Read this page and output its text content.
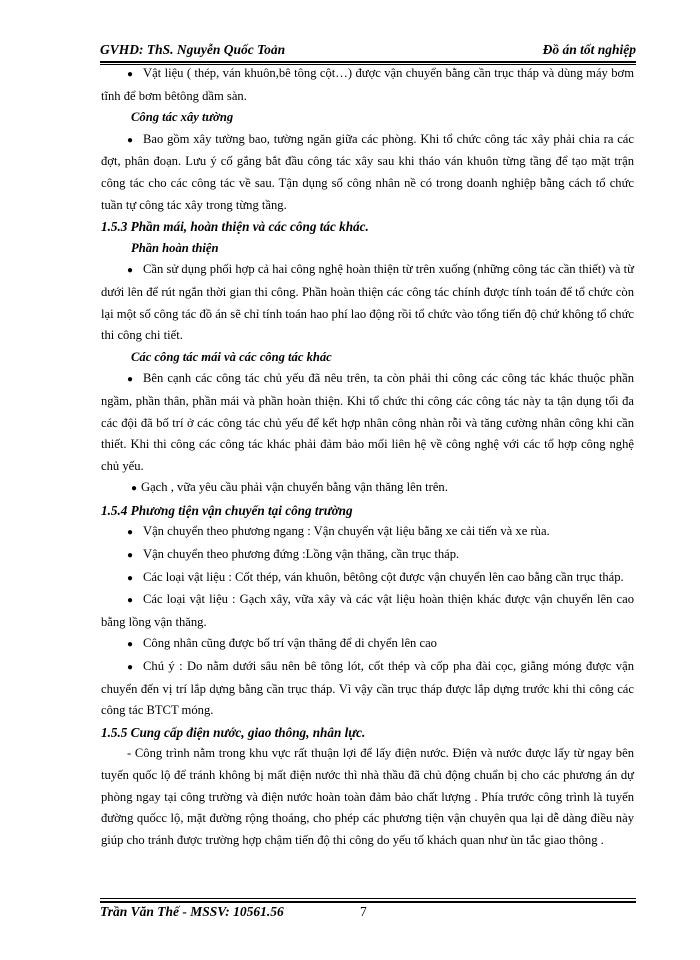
GVHD: ThS. Nguyễn Quốc Toản	Đồ án tốt nghiệp

● Vật liệu ( thép, ván khuôn,bê tông cột…) được vận chuyển bằng cần trục tháp và dùng máy bơm tĩnh để bơm bêtông dầm sàn.

Công tác xây tường

● Bao gồm xây tường bao, tường ngăn giữa các phòng. Khi tổ chức công tác xây phải chia ra các đợt, phân đoạn. Lưu ý cố gắng bắt đầu công tác xây sau khi tháo ván khuôn từng tầng để tạo mặt trận công tác cho các công tác về sau. Tận dụng số công nhân nề có trong doanh nghiệp bằng cách tổ chức tuần tự công tác xây trong từng tầng.

1.5.3 Phần mái, hoàn thiện và các công tác khác.

Phần hoàn thiện

● Cần sử dụng phối hợp cả hai công nghệ hoàn thiện từ trên xuống (những công tác cần thiết) và từ dưới lên để rút ngắn thời gian thi công. Phần hoàn thiện các công tác chính được tính toán để tổ chức còn lại một số công tác đồ án sẽ chỉ tính toán hao phí lao động rồi tổ chức vào tổng tiến độ chứ không tổ chức thi công chi tiết.

Các công tác mái và các công tác khác

● Bên cạnh các công tác chủ yếu đã nêu trên, ta còn phải thi công các công tác khác thuộc phần ngầm, phần thân, phần mái và phần hoàn thiện. Khi tổ chức thi công các công tác này ta tận dụng tối đa các đội đã bố trí ở các công tác chủ yếu để kết hợp nhân công nhàn rỗi và tăng cường nhân công khi cần thiết. Khi thi công các công tác khác phải đảm bảo mối liên hệ về công nghệ với các tổ hợp công nghệ chủ yếu.

● Gạch , vữa yêu cầu phải vận chuyển bằng vận thăng lên trên.

1.5.4 Phương tiện vận chuyển tại công trường

● Vận chuyển theo phương ngang : Vận chuyển vật liệu bằng xe cải tiến và xe rùa.

● Vận chuyển theo phương đứng :Lồng vận thăng, cần trục tháp.

● Các loại vật liệu : Cốt thép, ván khuôn, bêtông cột được vận chuyển lên cao bằng cần trục tháp.

● Các loại vật liệu : Gạch xây, vữa xây và các vật liệu hoàn thiện khác được vận chuyển lên cao bằng lồng vận thăng.

● Công nhân cũng được bố trí vận thăng để di chyển lên cao

● Chú ý : Do nằm dưới sâu nên bê tông lót, cốt thép và cốp pha đài cọc, giằng móng được vận chuyển đến vị trí lắp dựng bằng cần trục tháp. Vì vậy cần trục tháp được lắp dựng trước khi thi công các công tác BTCT móng.

1.5.5 Cung cấp điện nước, giao thông, nhân lực.

- Công trình nằm trong khu vực rất thuận lợi để lấy điện nước. Điện và nước được lấy từ ngay bên tuyến quốc lộ để tránh không bị mất điện nước thì nhà thầu đã chủ động chuẩn bị cho các phương án dự phòng ngay tại công trường và điện nước hoàn toàn đảm bảo chất lượng . Phía trước công trình là tuyến đường quốcc lộ, mặt đường rộng thoáng, cho phép các phương tiện vận chuyên qua lại dễ dàng điều này giúp cho tránh được trường hợp chậm tiến độ thi công do yếu tố khách quan như ùn tắc giao thông .

Trần Văn Thế - MSSV: 10561.56	7
